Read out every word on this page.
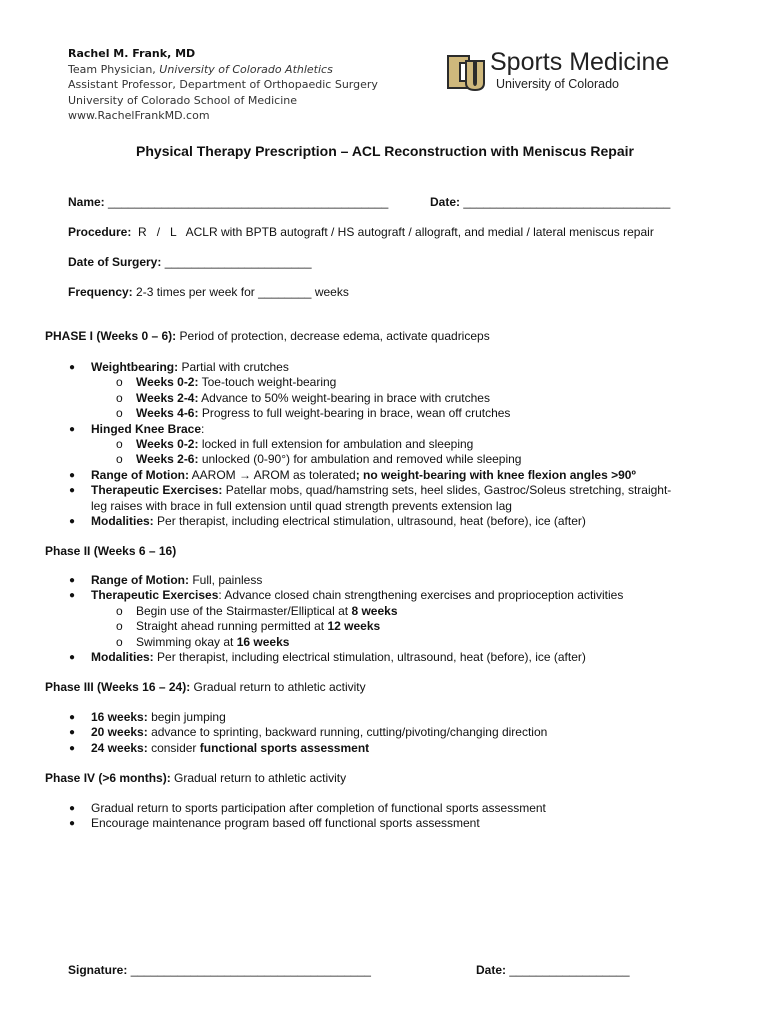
Rachel M. Frank, MD
Team Physician, University of Colorado Athletics
Assistant Professor, Department of Orthopaedic Surgery
University of Colorado School of Medicine
www.RachelFrankMD.com
Sports Medicine
University of Colorado
Physical Therapy Prescription – ACL Reconstruction with Meniscus Repair
Name: __________________________________________	Date: _______________________________
Procedure: R   /   L   ACLR with BPTB autograft / HS autograft / allograft, and medial / lateral meniscus repair
Date of Surgery: ______________________
Frequency: 2-3 times per week for ________ weeks
PHASE I (Weeks 0 – 6): Period of protection, decrease edema, activate quadriceps
● Weightbearing: Partial with crutches
o Weeks 0-2: Toe-touch weight-bearing
o Weeks 2-4: Advance to 50% weight-bearing in brace with crutches
o Weeks 4-6: Progress to full weight-bearing in brace, wean off crutches
● Hinged Knee Brace:
o Weeks 0-2: locked in full extension for ambulation and sleeping
o Weeks 2-6: unlocked (0-90°) for ambulation and removed while sleeping
● Range of Motion: AAROM → AROM as tolerated; no weight-bearing with knee flexion angles >90º
● Therapeutic Exercises: Patellar mobs, quad/hamstring sets, heel slides, Gastroc/Soleus stretching, straight-
leg raises with brace in full extension until quad strength prevents extension lag
● Modalities: Per therapist, including electrical stimulation, ultrasound, heat (before), ice (after)
Phase II (Weeks 6 – 16)
● Range of Motion: Full, painless
● Therapeutic Exercises: Advance closed chain strengthening exercises and proprioception activities
o Begin use of the Stairmaster/Elliptical at 8 weeks
o Straight ahead running permitted at 12 weeks
o Swimming okay at 16 weeks
● Modalities: Per therapist, including electrical stimulation, ultrasound, heat (before), ice (after)
Phase III (Weeks 16 – 24): Gradual return to athletic activity
● 16 weeks: begin jumping
● 20 weeks: advance to sprinting, backward running, cutting/pivoting/changing direction
● 24 weeks: consider functional sports assessment
Phase IV (>6 months): Gradual return to athletic activity
● Gradual return to sports participation after completion of functional sports assessment
● Encourage maintenance program based off functional sports assessment
Signature: ____________________________________	Date: __________________
